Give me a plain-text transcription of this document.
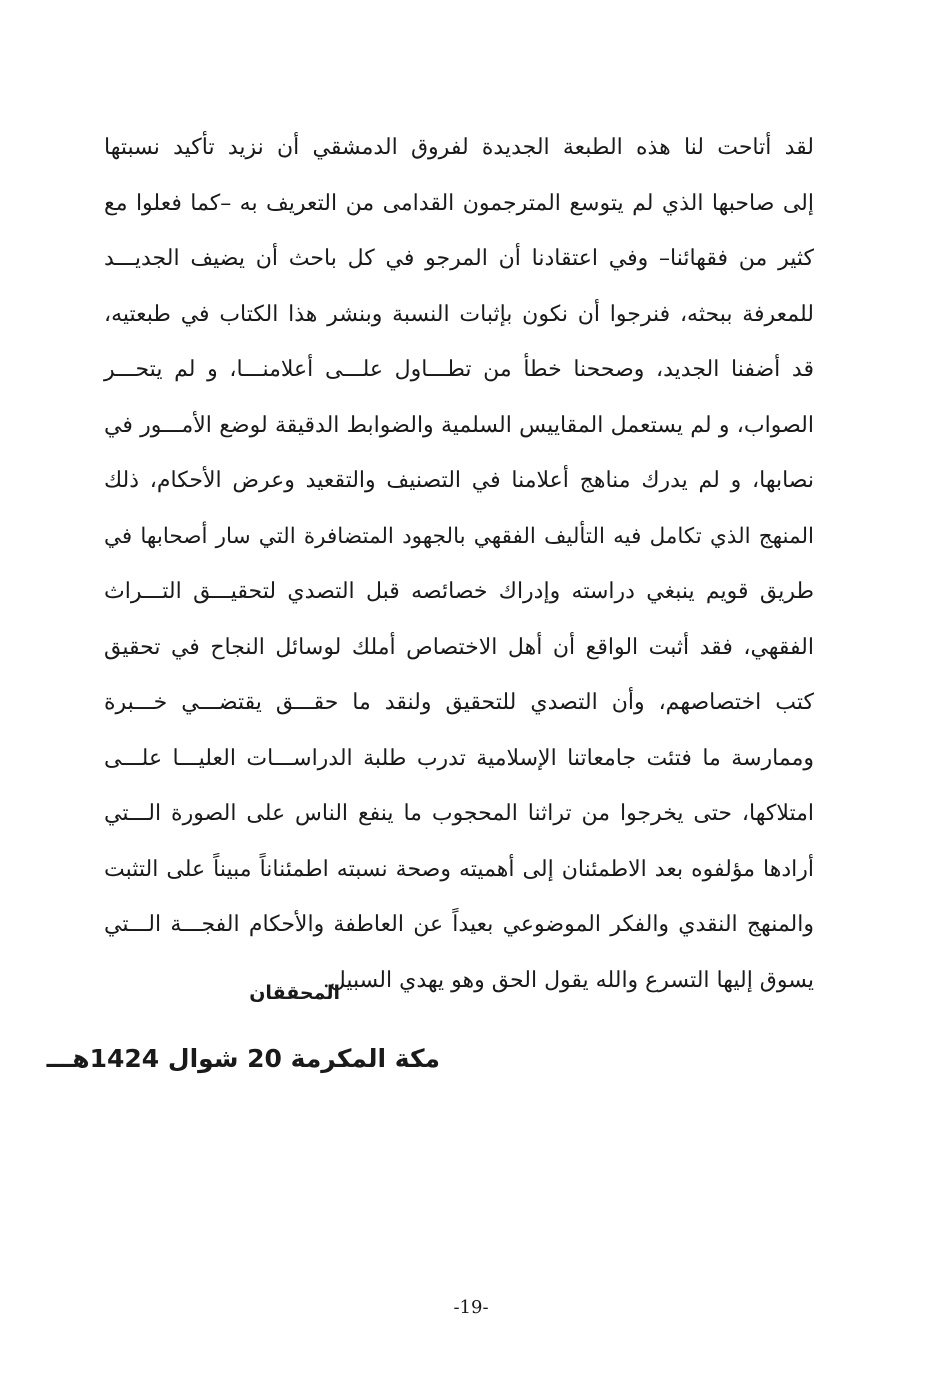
لقد أتاحت لنا هذه الطبعة الجديدة لفروق الدمشقي أن نزيد تأكيد نسبتها
إلى صاحبها الذي لم يتوسع المترجمون القدامى من التعريف به –كما فعلوا مع
كثير من فقهائنا– وفي اعتقادنا أن المرجو في كل باحث أن يضيف الجديـــد
للمعرفة ببحثه، فنرجوا أن نكون بإثبات النسبة وبنشر هذا الكتاب في طبعتيه،
قد أضفنا الجديد، وصححنا خطأ من تطـــاول علـــى أعلامنـــا، و لم يتحـــر
الصواب، و لم يستعمل المقاييس السلمية والضوابط الدقيقة لوضع الأمـــور في
نصابها، و لم يدرك مناهج أعلامنا في التصنيف والتقعيد وعرض الأحكام، ذلك
المنهج الذي تكامل فيه التأليف الفقهي بالجهود المتضافرة التي سار أصحابها في
طريق قويم ينبغي دراسته وإدراك خصائصه قبل التصدي لتحقيـــق التـــراث
الفقهي، فقد أثبت الواقع أن أهل الاختصاص أملك لوسائل النجاح في تحقيق
كتب اختصاصهم، وأن التصدي للتحقيق ولنقد ما حقـــق يقتضـــي خـــبرة
وممارسة ما فتئت جامعاتنا الإسلامية تدرب طلبة الدراســـات العليـــا علـــى
امتلاكها، حتى يخرجوا من تراثنا المحجوب ما ينفع الناس على الصورة الـــتي
أرادها مؤلفوه بعد الاطمئنان إلى أهميته وصحة نسبته اطمئناناً مبيناً على التثبت
والمنهج النقدي والفكر الموضوعي بعيداً عن العاطفة والأحكام الفجـــة الـــتي
يسوق إليها التسرع والله يقول الحق وهو يهدي السبيل.

المحققان

مكة المكرمة 20 شوال 1424هـــ

-19-
